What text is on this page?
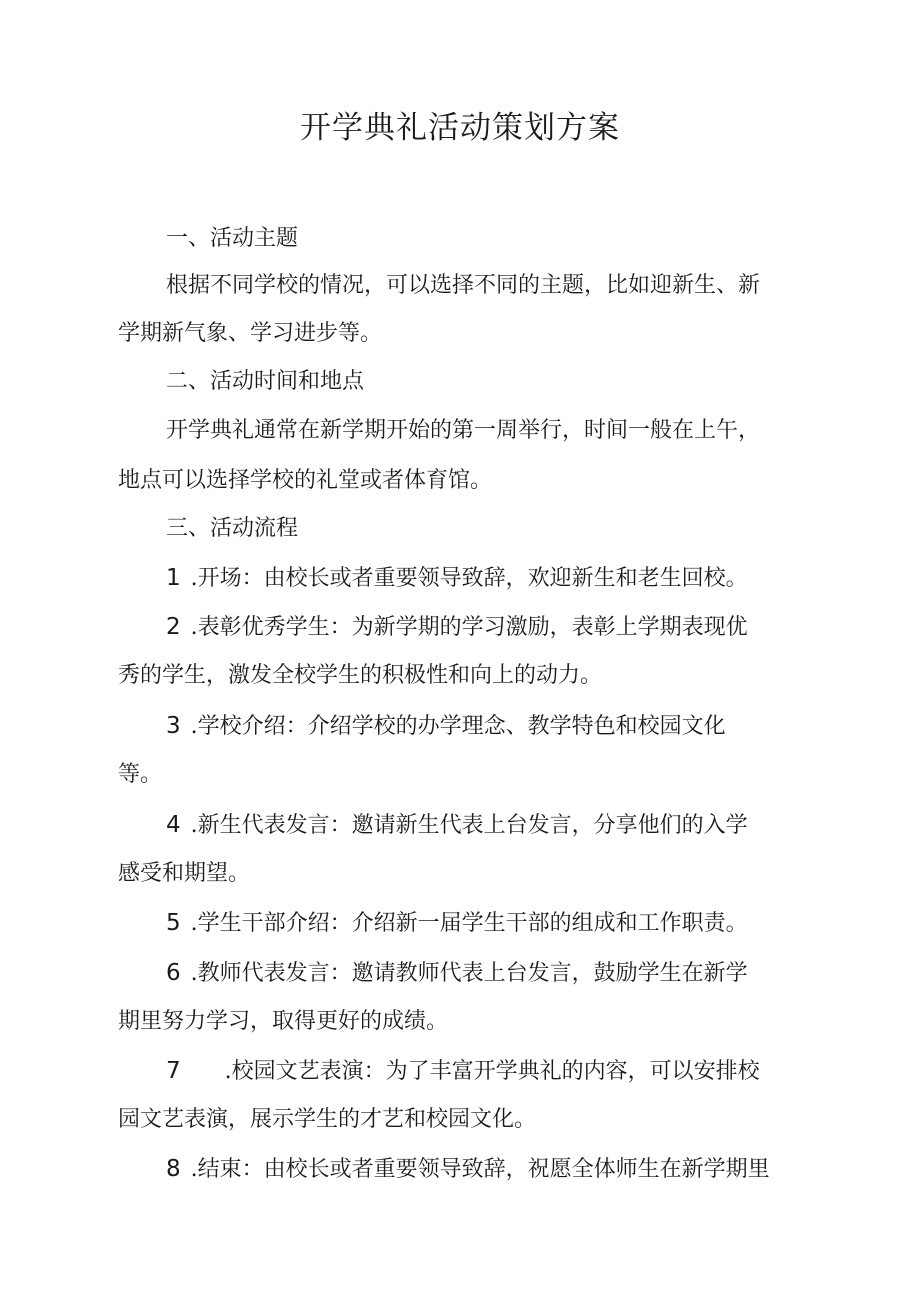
开学典礼活动策划方案

一、活动主题

根据不同学校的情况，可以选择不同的主题，比如迎新生、新

学期新气象、学习进步等。

二、活动时间和地点

开学典礼通常在新学期开始的第一周举行，时间一般在上午，

地点可以选择学校的礼堂或者体育馆。

三、活动流程

1 .开场：由校长或者重要领导致辞，欢迎新生和老生回校。

2 .表彰优秀学生：为新学期的学习激励，表彰上学期表现优

秀的学生，激发全校学生的积极性和向上的动力。

3 .学校介绍：介绍学校的办学理念、教学特色和校园文化

等。

4 .新生代表发言：邀请新生代表上台发言，分享他们的入学

感受和期望。

5 .学生干部介绍：介绍新一届学生干部的组成和工作职责。

6 .教师代表发言：邀请教师代表上台发言，鼓励学生在新学

期里努力学习，取得更好的成绩。

7 .校园文艺表演：为了丰富开学典礼的内容，可以安排校

园文艺表演，展示学生的才艺和校园文化。

8 .结束：由校长或者重要领导致辞，祝愿全体师生在新学期里
